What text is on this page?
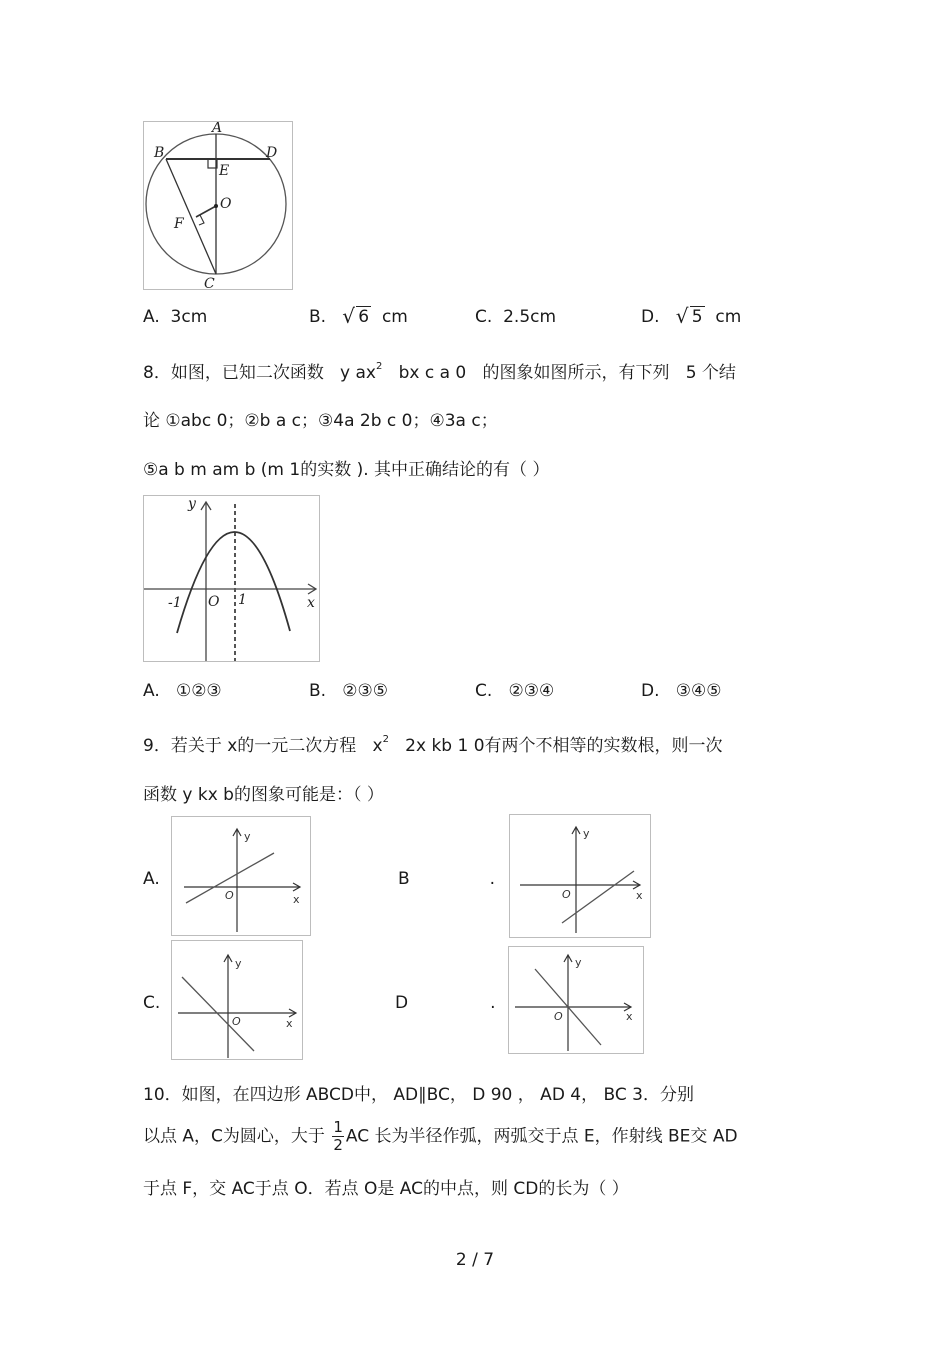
A
B	D
E
O
F
C
A. 3cm	B. √ 6 cm	C. 2.5cm	D. √ 5 cm
8．如图，已知二次函数 y $ax^2$ bx c a 0 的图象如图所示，有下列 5 个结
论 ①abc 0；②b a c；③4a 2b c 0；④3a c；
⑤a b m am b (m 1的实数 ). 其中正确结论的有（ ）
y
x
O
-1	1
A. ①②③	B. ②③⑤	C. ②③④	D. ③④⑤
9．若关于 x的一元二次方程 $x^2$ 2x kb 1 0有两个不相等的实数根，则一次
函数 y kx b的图象可能是：（ ）
A.	B	.
C.	D	.
y
x
O
y
x
O
y
x
O
y
x
O
10．如图，在四边形 ABCD中， AD∥BC， D 90 ， AD 4， BC 3．分别
以点 A，C为圆心，大于 $\frac{1}{2}$ AC 长为半径作弧，两弧交于点 E，作射线 BE交 AD
于点 F，交 AC于点 O．若点 O是 AC的中点，则 CD的长为（ ）
2 / 7
